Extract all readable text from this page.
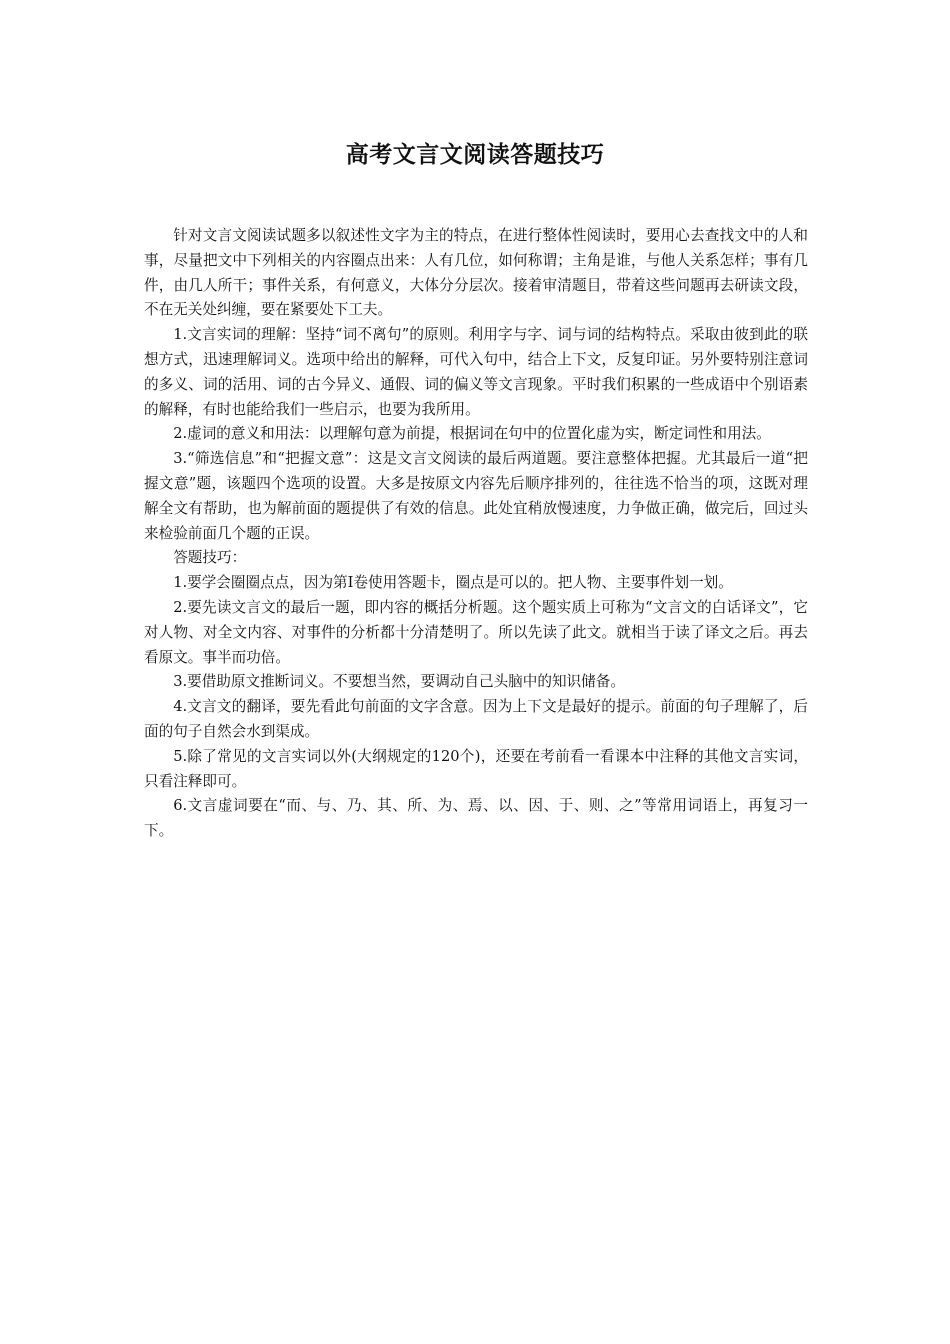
高考文言文阅读答题技巧

针对文言文阅读试题多以叙述性文字为主的特点，在进行整体性阅读时，要用心去查找文中的人和事，尽量把文中下列相关的内容圈点出来：人有几位，如何称谓；主角是谁，与他人关系怎样；事有几件，由几人所干；事件关系，有何意义，大体分分层次。接着审清题目，带着这些问题再去研读文段，不在无关处纠缠，要在紧要处下工夫。

1.文言实词的理解：坚持“词不离句”的原则。利用字与字、词与词的结构特点。采取由彼到此的联想方式，迅速理解词义。选项中给出的解释，可代入句中，结合上下文，反复印证。另外要特别注意词的多义、词的活用、词的古今异义、通假、词的偏义等文言现象。平时我们积累的一些成语中个别语素的解释，有时也能给我们一些启示，也要为我所用。

2.虚词的意义和用法：以理解句意为前提，根据词在句中的位置化虚为实，断定词性和用法。

3.“筛选信息”和“把握文意”：这是文言文阅读的最后两道题。要注意整体把握。尤其最后一道“把握文意”题，该题四个选项的设置。大多是按原文内容先后顺序排列的，往往选不恰当的项，这既对理解全文有帮助，也为解前面的题提供了有效的信息。此处宜稍放慢速度，力争做正确，做完后，回过头来检验前面几个题的正误。

答题技巧：

1.要学会圈圈点点，因为第I卷使用答题卡，圈点是可以的。把人物、主要事件划一划。

2.要先读文言文的最后一题，即内容的概括分析题。这个题实质上可称为“文言文的白话译文”，它对人物、对全文内容、对事件的分析都十分清楚明了。所以先读了此文。就相当于读了译文之后。再去看原文。事半而功倍。

3.要借助原文推断词义。不要想当然，要调动自己头脑中的知识储备。

4.文言文的翻译，要先看此句前面的文字含意。因为上下文是最好的提示。前面的句子理解了，后面的句子自然会水到渠成。

5.除了常见的文言实词以外(大纲规定的120个)，还要在考前看一看课本中注释的其他文言实词，只看注释即可。

6.文言虚词要在“而、与、乃、其、所、为、焉、以、因、于、则、之”等常用词语上，再复习一下。
